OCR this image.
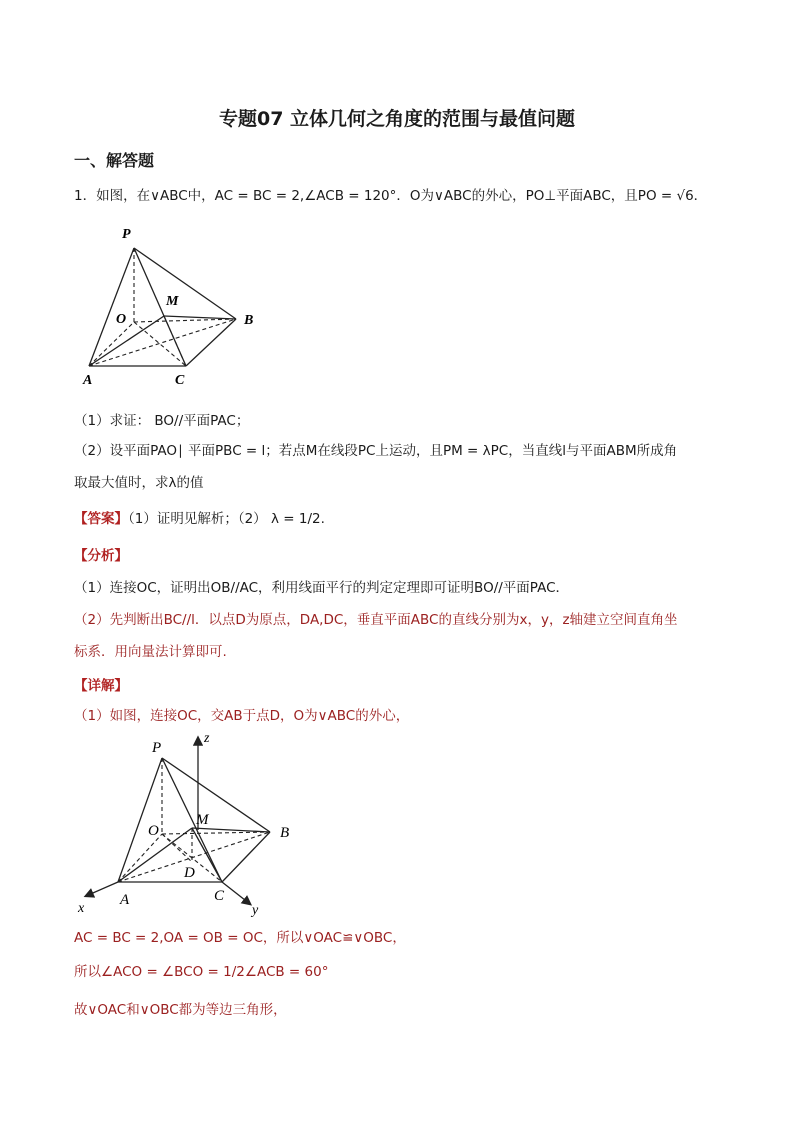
专题07 立体几何之角度的范围与最值问题
一、解答题
1．如图，在∨ABC中，AC = BC = 2,∠ACB = 120°．O为∨ABC的外心，PO⊥平面ABC，且PO = √6．
P
M
O	B
A	C
（1）求证： BO//平面PAC；
（2）设平面PAO∣ 平面PBC = l；若点M在线段PC上运动，且PM = λPC，当直线l与平面ABM所成角
取最大值时，求λ的值
【答案】（1）证明见解析；（2） λ = 1/2.
【分析】
（1）连接OC，证明出OB//AC，利用线面平行的判定定理即可证明BO//平面PAC．
（2）先判断出BC//l．以点D为原点，DA,DC，垂直平面ABC的直线分别为x，y，z轴建立空间直角坐
标系．用向量法计算即可.
【详解】
（1）如图，连接OC，交AB于点D，O为∨ABC的外心，
P
z
M
O	B
D
A	C
x	y
AC = BC = 2,OA = OB = OC，所以∨OAC≌∨OBC，
所以∠ACO = ∠BCO = 1/2∠ACB = 60°
故∨OAC和∨OBC都为等边三角形，
